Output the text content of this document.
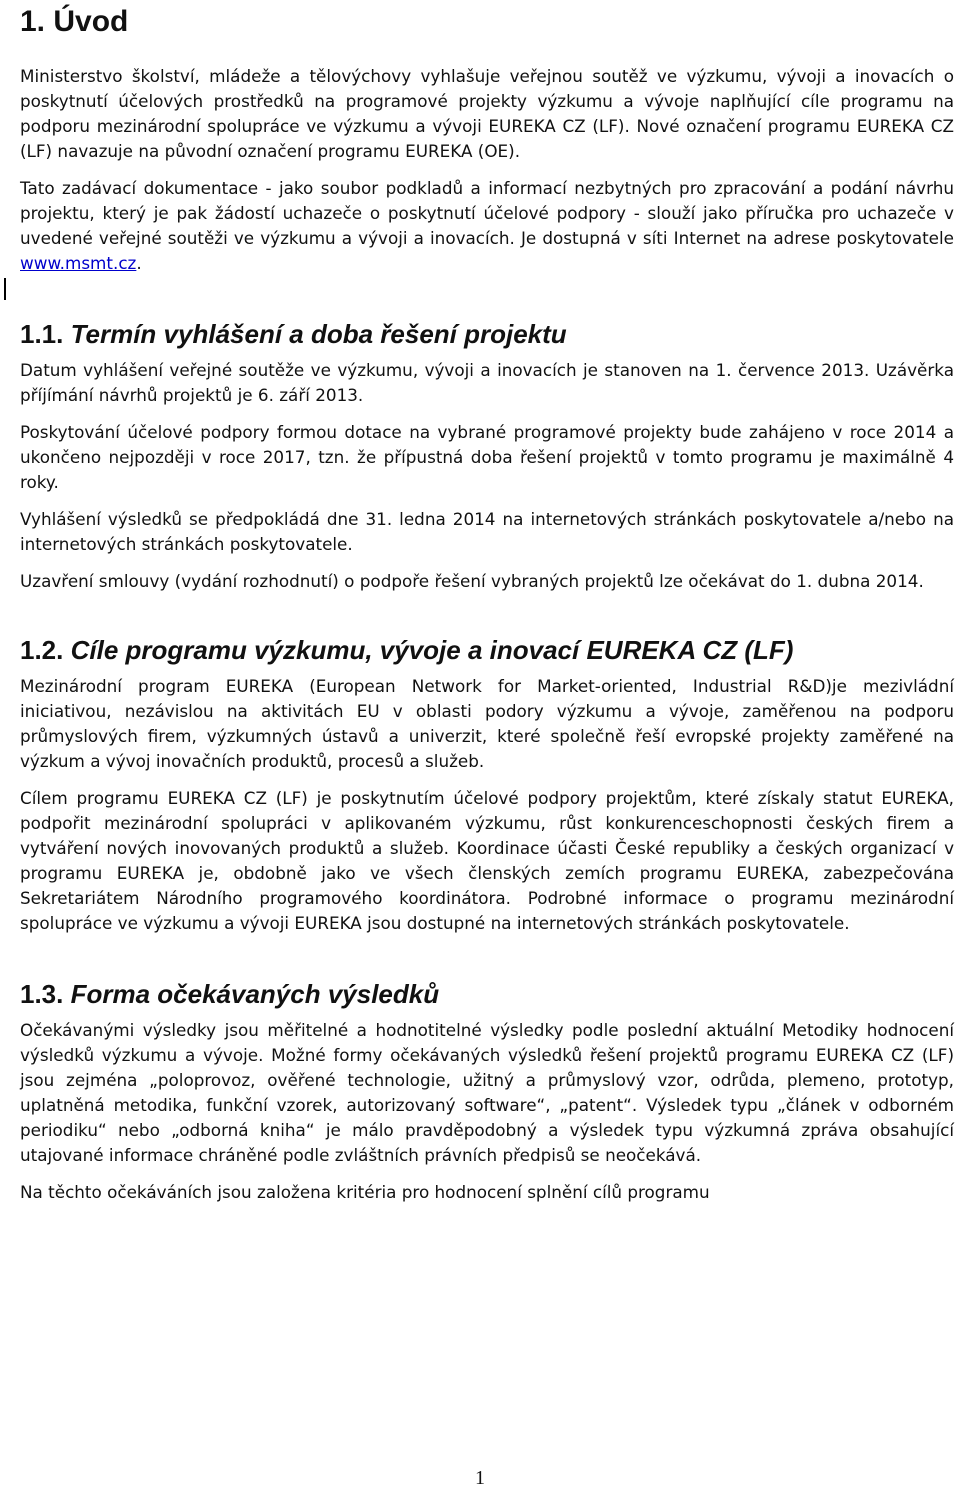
1. Úvod

Ministerstvo školství, mládeže a tělovýchovy vyhlašuje veřejnou soutěž ve výzkumu, vývoji a inovacích o poskytnutí účelových prostředků na programové projekty výzkumu a vývoje naplňující cíle programu na podporu mezinárodní spolupráce ve výzkumu a vývoji EUREKA CZ (LF). Nové označení programu EUREKA CZ (LF) navazuje na původní označení programu EUREKA (OE).

Tato zadávací dokumentace - jako soubor podkladů a informací nezbytných pro zpracování a podání návrhu projektu, který je pak žádostí uchazeče o poskytnutí účelové podpory - slouží jako příručka pro uchazeče v uvedené veřejné soutěži ve výzkumu a vývoji a inovacích. Je dostupná v síti Internet na adrese poskytovatele www.msmt.cz.

1.1. Termín vyhlášení a doba řešení projektu

Datum vyhlášení veřejné soutěže ve výzkumu, vývoji a inovacích je stanoven na 1. července 2013. Uzávěrka příjímání návrhů projektů je 6. září 2013.

Poskytování účelové podpory formou dotace na vybrané programové projekty bude zahájeno v roce 2014 a ukončeno nejpozději v roce 2017, tzn. že přípustná doba řešení projektů v tomto programu je maximálně 4 roky.

Vyhlášení výsledků se předpokládá dne 31. ledna 2014 na internetových stránkách poskytovatele a/nebo na internetových stránkách poskytovatele.

Uzavření smlouvy (vydání rozhodnutí) o podpoře řešení vybraných projektů lze očekávat do 1. dubna 2014.

1.2. Cíle programu výzkumu, vývoje a inovací EUREKA CZ (LF)

Mezinárodní program EUREKA (European Network for Market-oriented, Industrial R&D)je mezivládní iniciativou, nezávislou na aktivitách EU v oblasti podory výzkumu a vývoje, zaměřenou na podporu průmyslových firem, výzkumných ústavů a univerzit, které společně řeší evropské projekty zaměřené na výzkum a vývoj inovačních produktů, procesů a služeb.

Cílem programu EUREKA CZ (LF) je poskytnutím účelové podpory projektům, které získaly statut EUREKA, podpořit mezinárodní spolupráci v aplikovaném výzkumu, růst konkurenceschopnosti českých firem a vytváření nových inovovaných produktů a služeb. Koordinace účasti České republiky a českých organizací v programu EUREKA je, obdobně jako ve všech členských zemích programu EUREKA, zabezpečována Sekretariátem Národního programového koordinátora. Podrobné informace o programu mezinárodní spolupráce ve výzkumu a vývoji EUREKA jsou dostupné na internetových stránkách poskytovatele.

1.3. Forma očekávaných výsledků

Očekávanými výsledky jsou měřitelné a hodnotitelné výsledky podle poslední aktuální Metodiky hodnocení výsledků výzkumu a vývoje. Možné formy očekávaných výsledků řešení projektů programu EUREKA CZ (LF) jsou zejména „poloprovoz, ověřené technologie, užitný a průmyslový vzor, odrůda, plemeno, prototyp, uplatněná metodika, funkční vzorek, autorizovaný software“, „patent“. Výsledek typu „článek v odborném periodiku“ nebo „odborná kniha“ je málo pravděpodobný a výsledek typu výzkumná zpráva obsahující utajované informace chráněné podle zvláštních právních předpisů se neočekává.

Na těchto očekáváních jsou založena kritéria pro hodnocení splnění cílů programu

1
